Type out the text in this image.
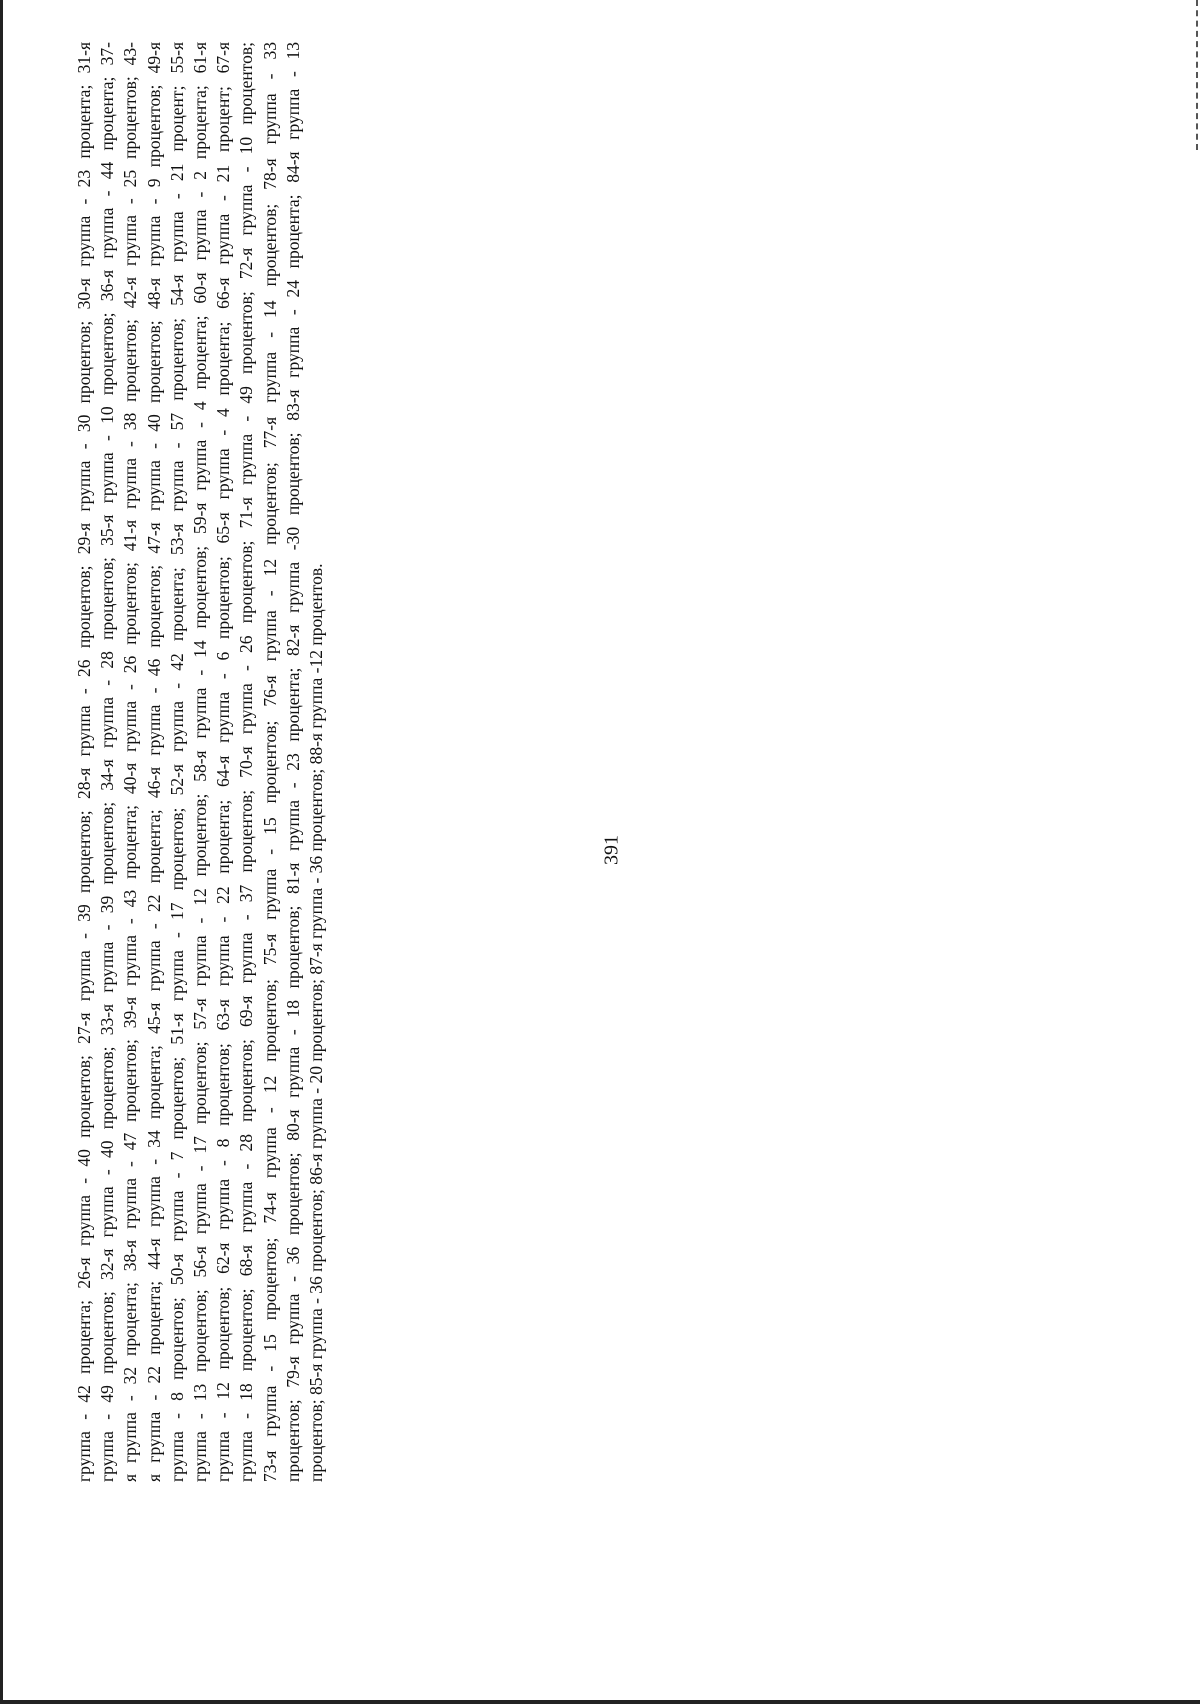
391
группа - 42 процента; 26-я группа - 40 процентов; 27-я группа - 39 процентов; 28-я группа - 26 процентов; 29-я группа - 30 процентов; 30-я группа - 23 процента; 31-я группа - 49 процентов; 32-я группа - 40 процентов; 33-я группа - 39 процентов; 34-я группа - 28 процентов; 35-я группа - 10 процентов; 36-я группа - 44 процента; 37- я группа - 32 процента; 38-я группа - 47 процентов; 39-я группа - 43 процента; 40-я группа - 26 процентов; 41-я группа - 38 процентов; 42-я группа - 25 процентов; 43- я группа - 22 процента; 44-я группа - 34 процента; 45-я группа - 22 процента; 46-я группа - 46 процентов; 47-я группа - 40 процентов; 48-я группа - 9 процентов; 49-я группа - 8 процентов; 50-я группа - 7 процентов; 51-я группа - 17 процентов; 52-я группа - 42 процента; 53-я группа - 57 процентов; 54-я группа - 21 процент; 55-я группа - 13 процентов; 56-я группа - 17 процентов; 57-я группа - 12 процентов; 58-я группа - 14 процентов; 59-я группа - 4 процента; 60-я группа - 2 процента; 61-я группа - 12 процентов; 62-я группа - 8 процентов; 63-я группа - 22 процента; 64-я группа - 6 процентов; 65-я группа - 4 процента; 66-я группа - 21 процент; 67-я группа - 18 процентов; 68-я группа - 28 процентов; 69-я группа - 37 процентов; 70-я группа - 26 процентов; 71-я группа - 49 процентов; 72-я группа - 10 процентов; 73-я группа - 15 процентов; 74-я группа - 12 процентов; 75-я группа - 15 процентов; 76-я группа - 12 процентов; 77-я группа - 14 процентов; 78-я группа - 33 процентов; 79-я группа - 36 процентов; 80-я группа - 18 процентов; 81-я группа - 23 процента; 82-я группа -30 процентов; 83-я группа - 24 процента; 84-я группа - 13 процентов; 85-я группа - 36 процентов; 86-я группа - 20 процентов; 87-я группа - 36 процентов; 88-я группа -12 процентов.
